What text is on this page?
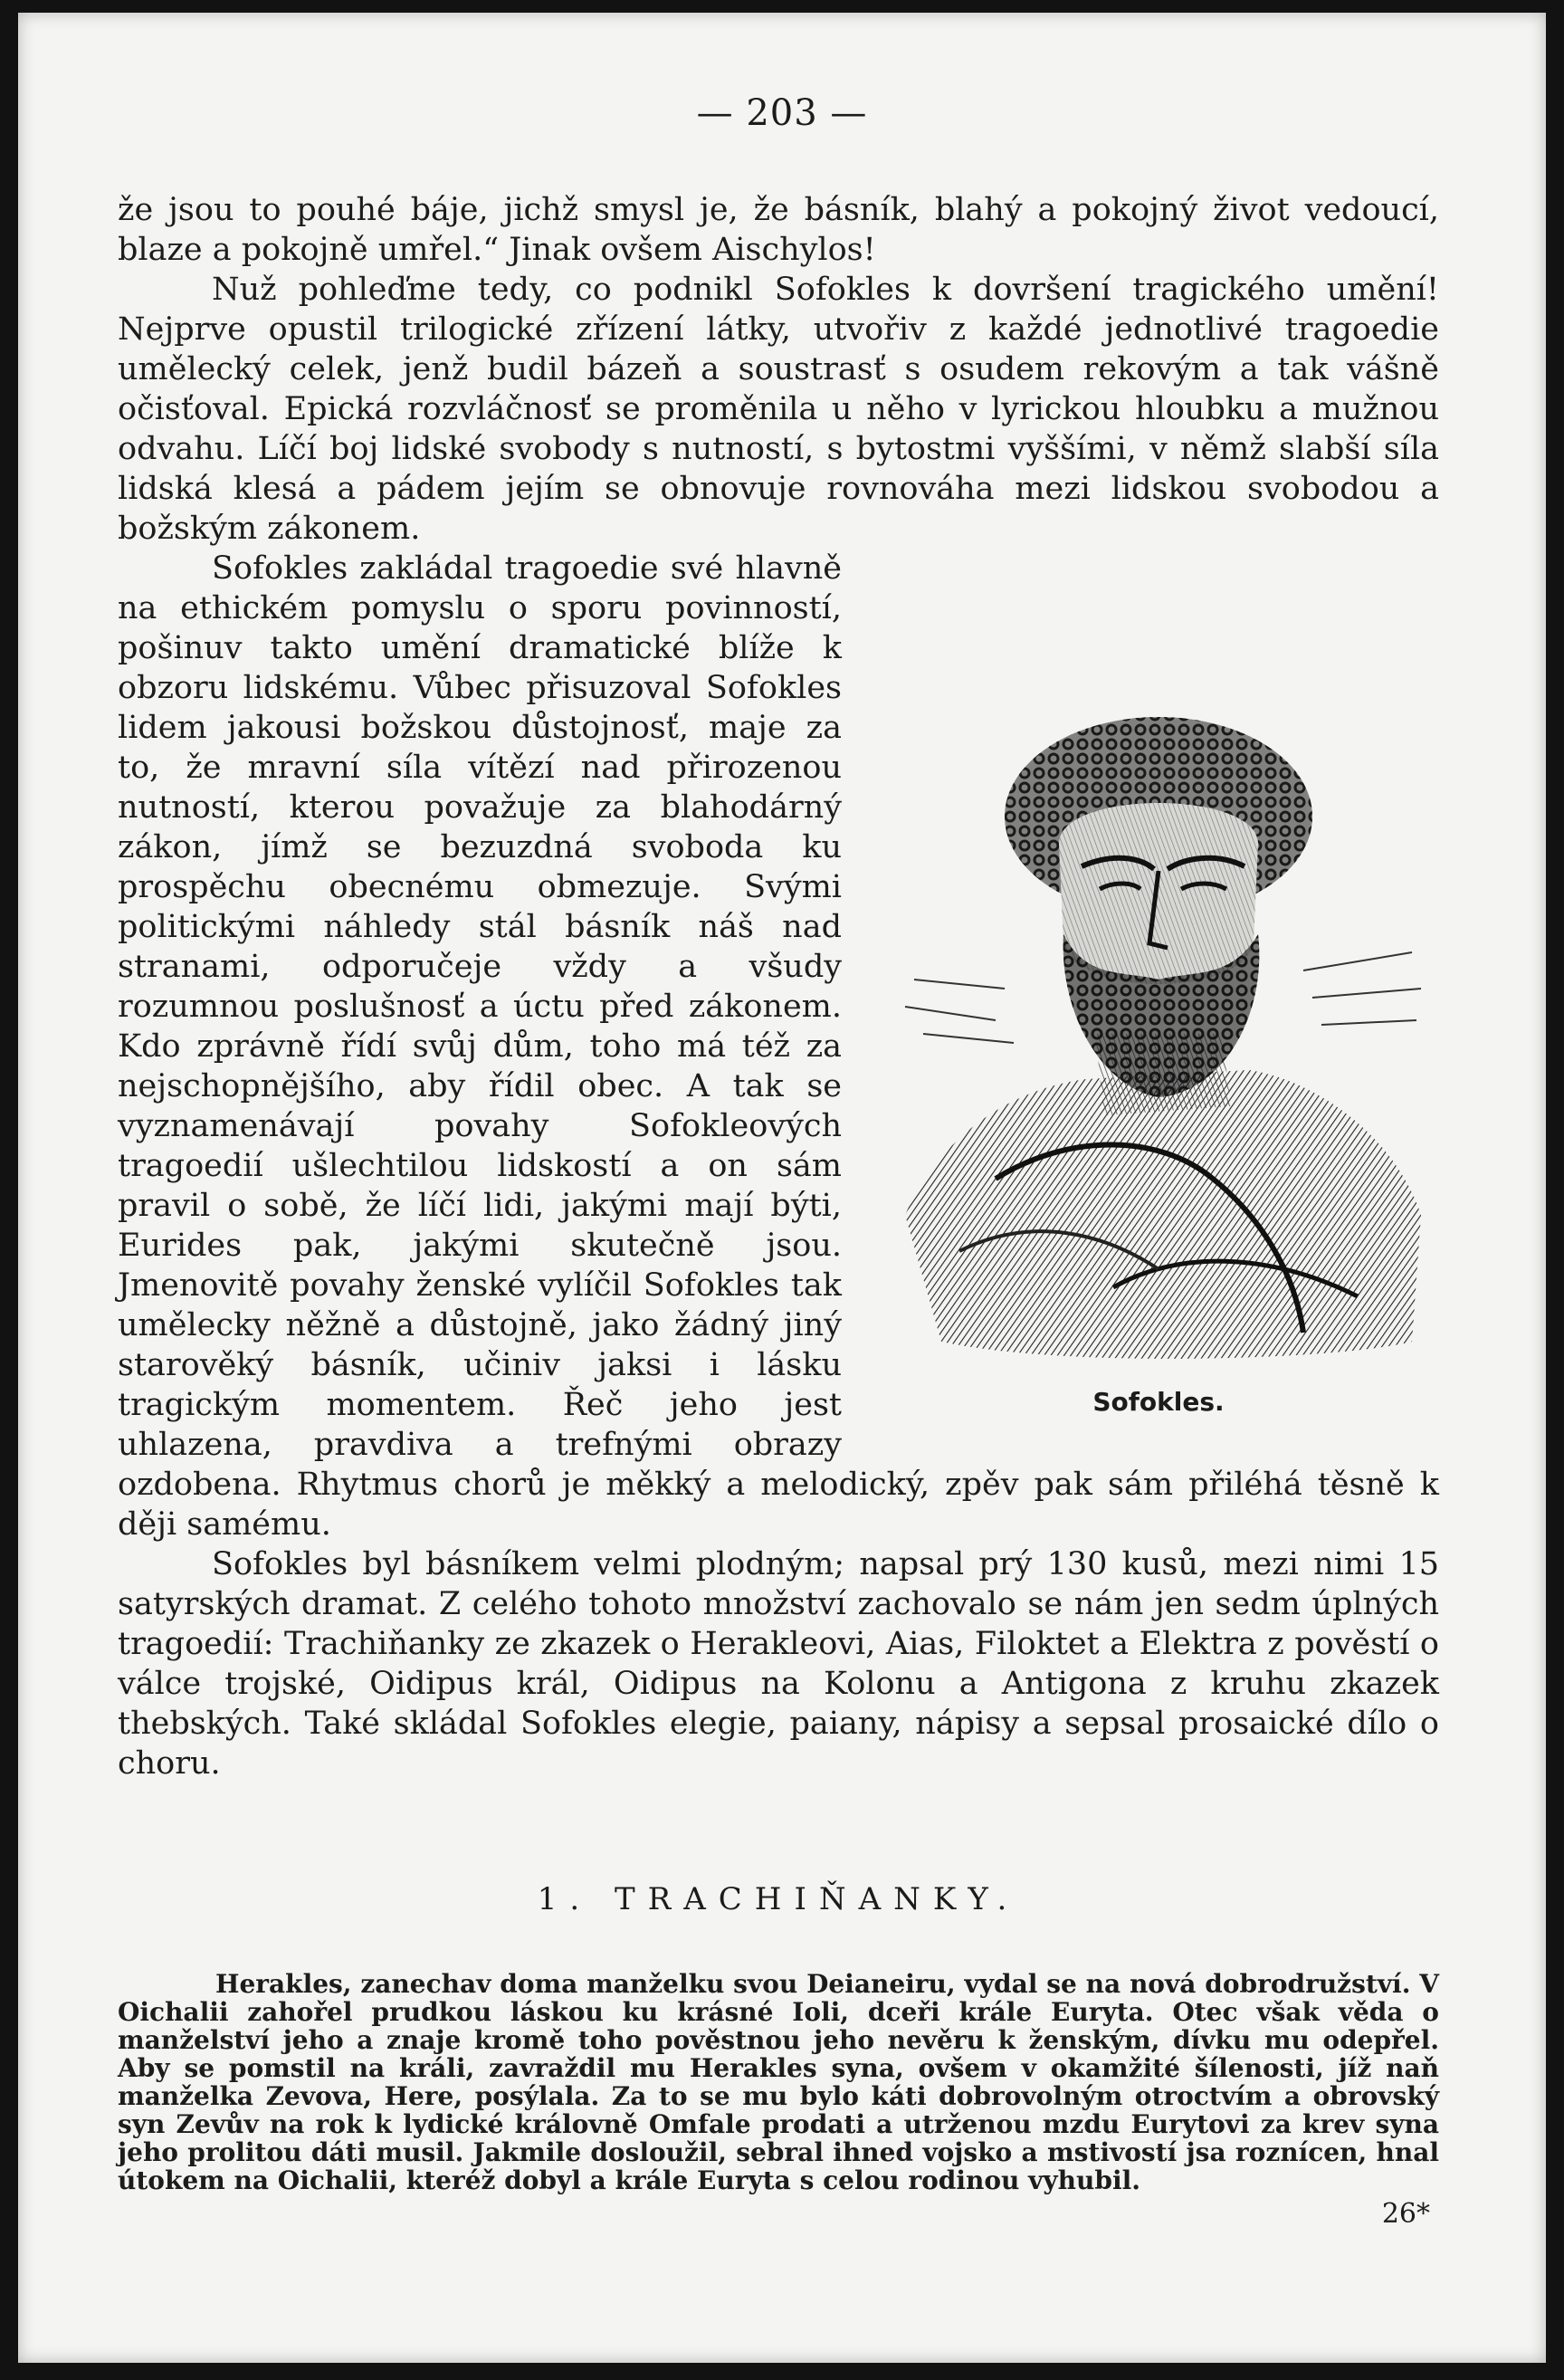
— 203 —

že jsou to pouhé báje, jichž smysl je, že básník, blahý a pokojný život vedoucí, blaze a pokojně umřel.“ Jinak ovšem Aischylos!

Nuž pohleďme tedy, co podnikl Sofokles k dovršení tragického umění! Nejprve opustil trilogické zřízení látky, utvořiv z každé jednotlivé tragoedie umělecký celek, jenž budil bázeň a soustrasť s osudem rekovým a tak vášně očisťoval. Epická rozvláčnosť se proměnila u něho v lyrickou hloubku a mužnou odvahu. Líčí boj lidské svobody s nutností, s bytostmi vyššími, v němž slabší síla lidská klesá a pádem jejím se obnovuje rovnováha mezi lidskou svobodou a božským zákonem.

Sofokles.

Sofokles zakládal tragoedie své hlavně na ethickém pomyslu o sporu povinností, pošinuv takto umění dramatické blíže k obzoru lidskému. Vůbec přisuzoval Sofokles lidem jakousi božskou důstojnosť, maje za to, že mravní síla vítězí nad přirozenou nutností, kterou považuje za blahodárný zákon, jímž se bezuzdná svoboda ku prospěchu obecnému obmezuje. Svými politickými náhledy stál básník náš nad stranami, odporučeje vždy a všudy rozumnou poslušnosť a úctu před zákonem. Kdo zprávně řídí svůj dům, toho má též za nejschopnějšího, aby řídil obec. A tak se vyznamenávají povahy Sofokleových tragoedií ušlechtilou lidskostí a on sám pravil o sobě, že líčí lidi, jakými mají býti, Eurides pak, jakými skutečně jsou. Jmenovitě povahy ženské vylíčil Sofokles tak umělecky něžně a důstojně, jako žádný jiný starověký básník, učiniv jaksi i lásku tragickým momentem. Řeč jeho jest uhlazena, pravdiva a trefnými obrazy ozdobena. Rhytmus chorů je měkký a melodický, zpěv pak sám přiléhá těsně k ději samému.

Sofokles byl básníkem velmi plodným; napsal prý 130 kusů, mezi nimi 15 satyrských dramat. Z celého tohoto množství zachovalo se nám jen sedm úplných tragoedií: Trachiňanky ze zkazek o Herakleovi, Aias, Filoktet a Elektra z pověstí o válce trojské, Oidipus král, Oidipus na Kolonu a Antigona z kruhu zkazek thebských. Také skládal Sofokles elegie, paiany, nápisy a sepsal prosaické dílo o choru.

1. TRACHIŇANKY.

Herakles, zanechav doma manželku svou Deianeiru, vydal se na nová dobrodružství. V Oichalii zahořel prudkou láskou ku krásné Ioli, dceři krále Euryta. Otec však věda o manželství jeho a znaje kromě toho pověstnou jeho nevěru k ženským, dívku mu odepřel. Aby se pomstil na králi, zavraždil mu Herakles syna, ovšem v okamžité šílenosti, jíž naň manželka Zevova, Here, posýlala. Za to se mu bylo káti dobrovolným otroctvím a obrovský syn Zevův na rok k lydické královně Omfale prodati a utrženou mzdu Eurytovi za krev syna jeho prolitou dáti musil. Jakmile dosloužil, sebral ihned vojsko a mstivostí jsa roznícen, hnal útokem na Oichalii, kteréž dobyl a krále Euryta s celou rodinou vyhubil.

26*
